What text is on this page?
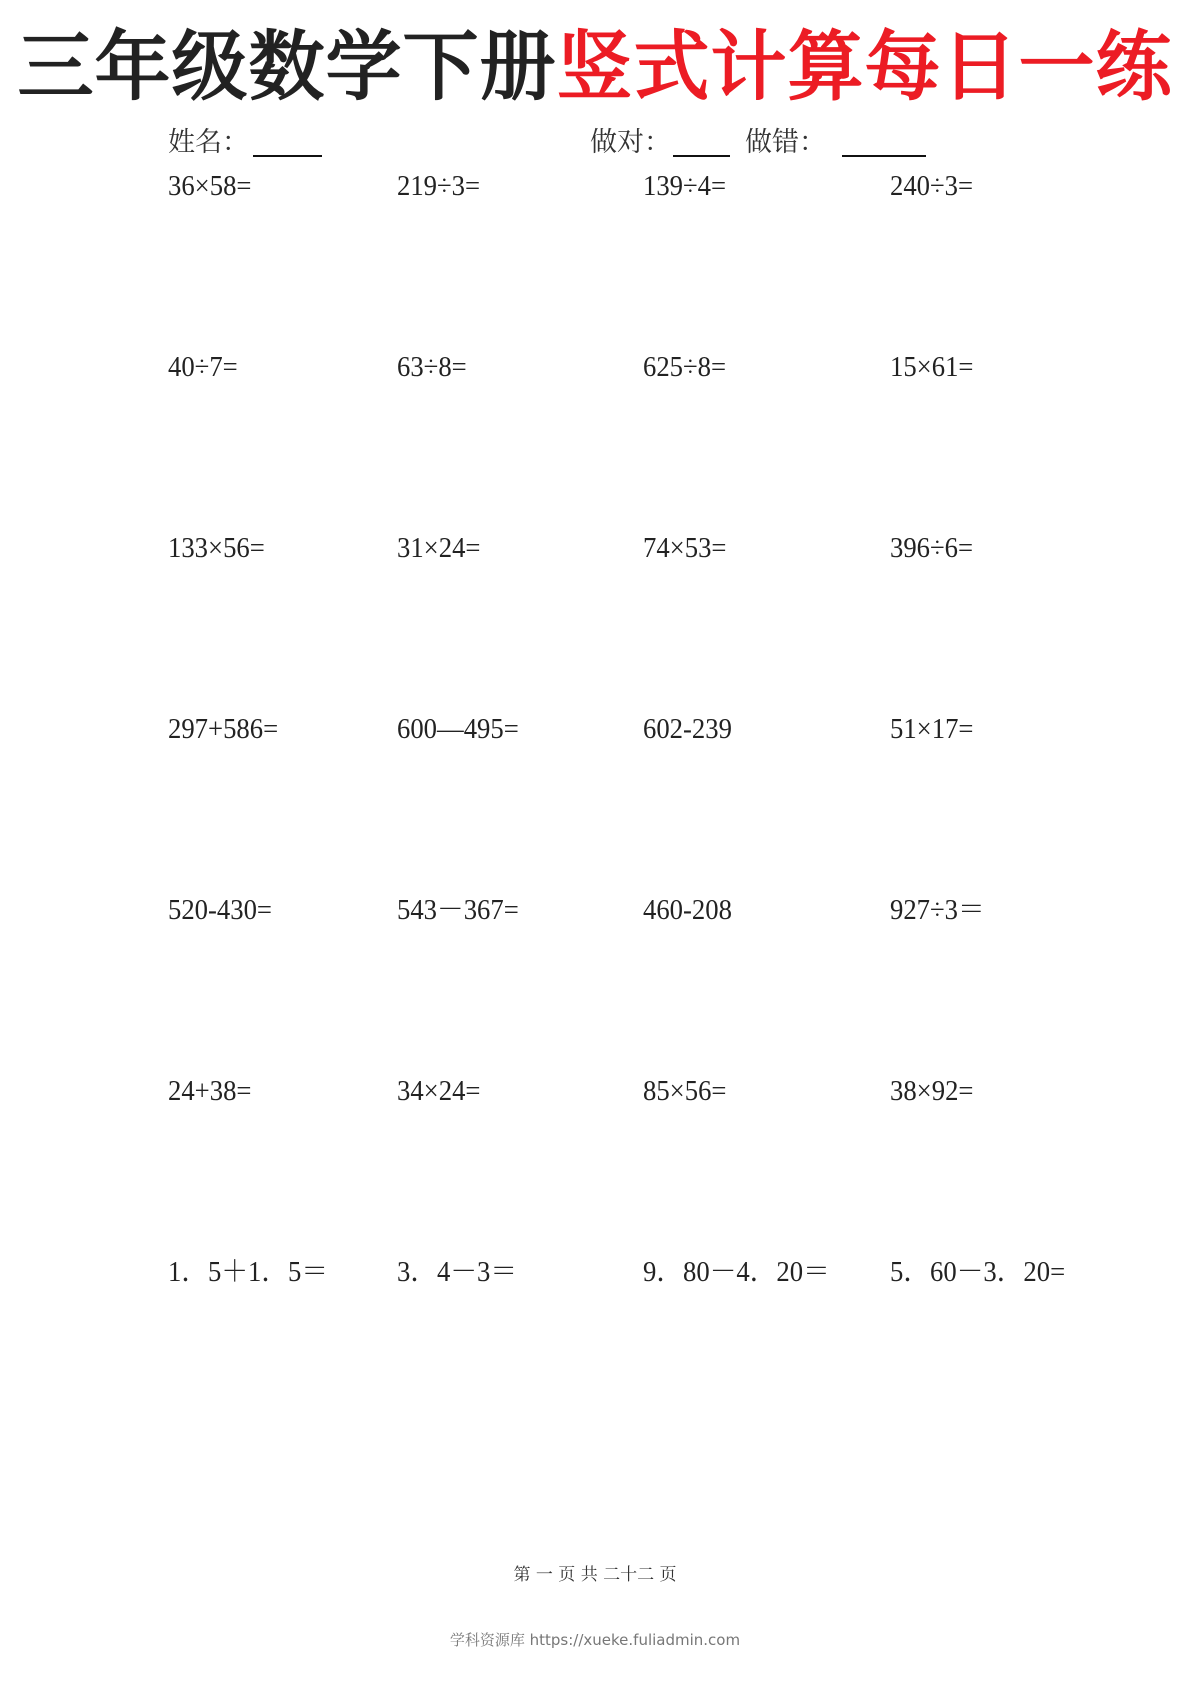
三年级数学下册竖式计算每日一练
姓名：	做对：	做错：
36×58=	219÷3=	139÷4=	240÷3=
40÷7=	63÷8=	625÷8=	15×61=
133×56=	31×24=	74×53=	396÷6=
297+586=	600—495=	602-239	51×17=
520-430=	543－367=	460-208	927÷3＝
24+38=	34×24=	85×56=	38×92=
1．5＋1．5＝ 3．4－3＝	9．80－4．20＝ 5．60－3．20=
第 一 页 共 二十二 页
学科资源库 https://xueke.fuliadmin.com
